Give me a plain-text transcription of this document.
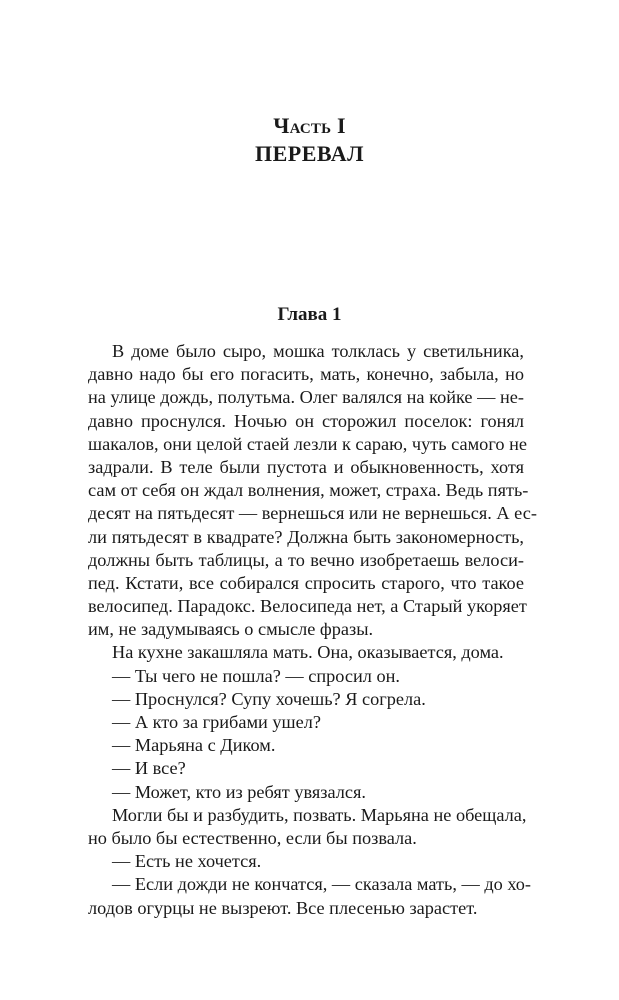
Часть I
ПЕРЕВАЛ
Глава 1
В доме было сыро, мошка толклась у светильника,
давно надо бы его погасить, мать, конечно, забыла, но
на улице дождь, полутьма. Олег валялся на койке — не-
давно проснулся. Ночью он сторожил поселок: гонял
шакалов, они целой стаей лезли к сараю, чуть самого не
задрали. В теле были пустота и обыкновенность, хотя
сам от себя он ждал волнения, может, страха. Ведь пять-
десят на пятьдесят — вернешься или не вернешься. А ес-
ли пятьдесят в квадрате? Должна быть закономерность,
должны быть таблицы, а то вечно изобретаешь велоси-
пед. Кстати, все собирался спросить старого, что такое
велосипед. Парадокс. Велосипеда нет, а Старый укоряет
им, не задумываясь о смысле фразы.
На кухне закашляла мать. Она, оказывается, дома.
— Ты чего не пошла? — спросил он.
— Проснулся? Супу хочешь? Я согрела.
— А кто за грибами ушел?
— Марьяна с Диком.
— И все?
— Может, кто из ребят увязался.
Могли бы и разбудить, позвать. Марьяна не обещала,
но было бы естественно, если бы позвала.
— Есть не хочется.
— Если дожди не кончатся, — сказала мать, — до хо-
лодов огурцы не вызреют. Все плесенью зарастет.
